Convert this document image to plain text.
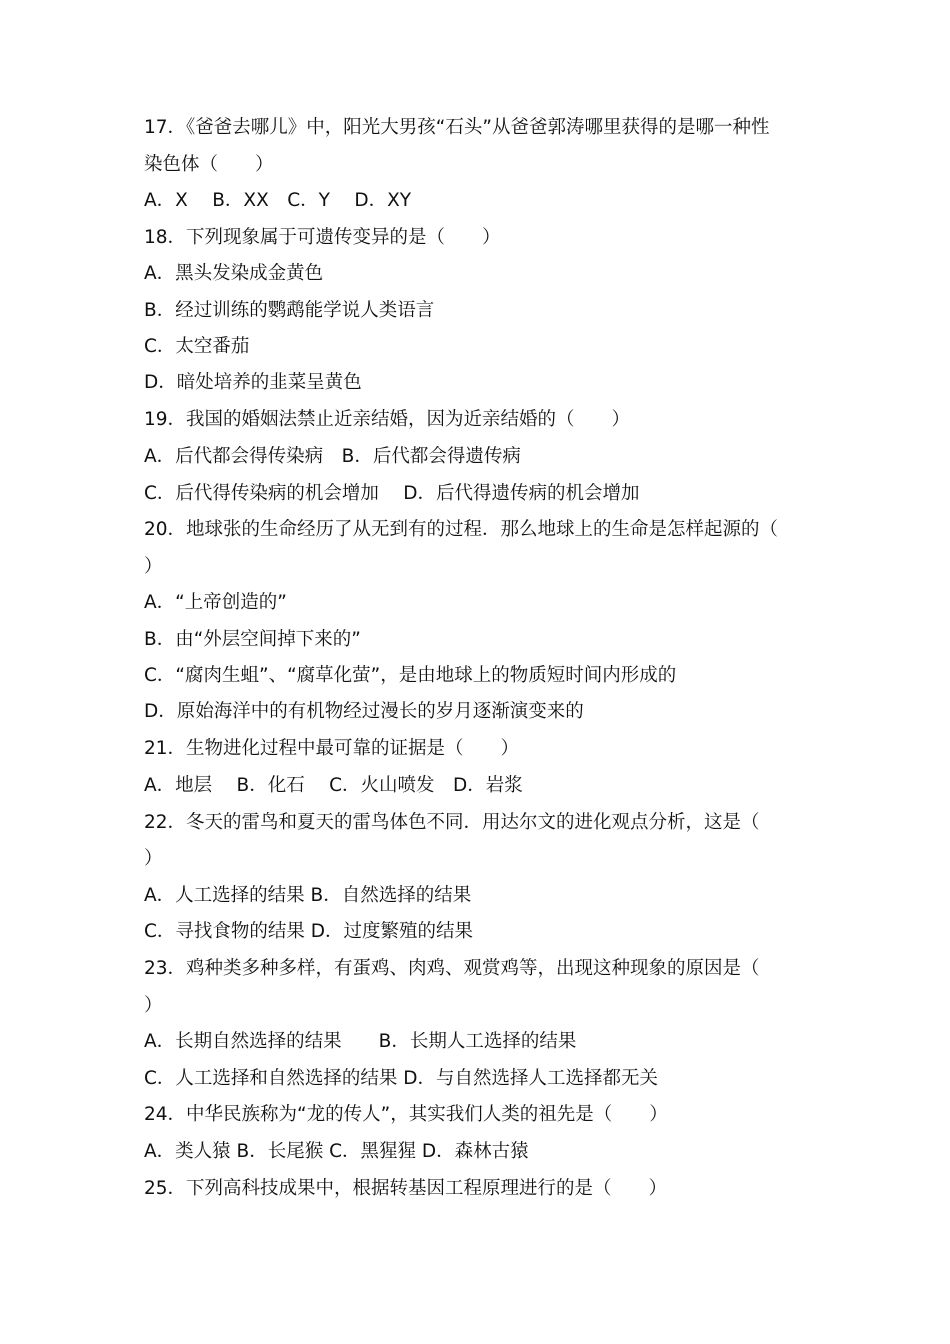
17．《爸爸去哪儿》中，阳光大男孩“石头”从爸爸郭涛哪里获得的是哪一种性
染色体（　　）
A．X　 B．XX　C．Y　 D．XY
18．下列现象属于可遗传变异的是（　　）
A．黑头发染成金黄色
B．经过训练的鹦鹉能学说人类语言
C．太空番茄
D．暗处培养的韭菜呈黄色
19．我国的婚姻法禁止近亲结婚，因为近亲结婚的（　　）
A．后代都会得传染病　B．后代都会得遗传病
C．后代得传染病的机会增加　 D．后代得遗传病的机会增加
20．地球张的生命经历了从无到有的过程．那么地球上的生命是怎样起源的（
）
A．“上帝创造的”
B．由“外层空间掉下来的”
C．“腐肉生蛆”、“腐草化萤”，是由地球上的物质短时间内形成的
D．原始海洋中的有机物经过漫长的岁月逐渐演变来的
21．生物进化过程中最可靠的证据是（　　）
A．地层　 B．化石　 C．火山喷发　D．岩浆
22．冬天的雷鸟和夏天的雷鸟体色不同．用达尔文的进化观点分析，这是（
）
A．人工选择的结果 B．自然选择的结果
C．寻找食物的结果 D．过度繁殖的结果
23．鸡种类多种多样，有蛋鸡、肉鸡、观赏鸡等，出现这种现象的原因是（
）
A．长期自然选择的结果　　B．长期人工选择的结果
C．人工选择和自然选择的结果 D．与自然选择人工选择都无关
24．中华民族称为“龙的传人”，其实我们人类的祖先是（　　）
A．类人猿 B．长尾猴 C．黑猩猩 D．森林古猿
25．下列高科技成果中，根据转基因工程原理进行的是（　　）
